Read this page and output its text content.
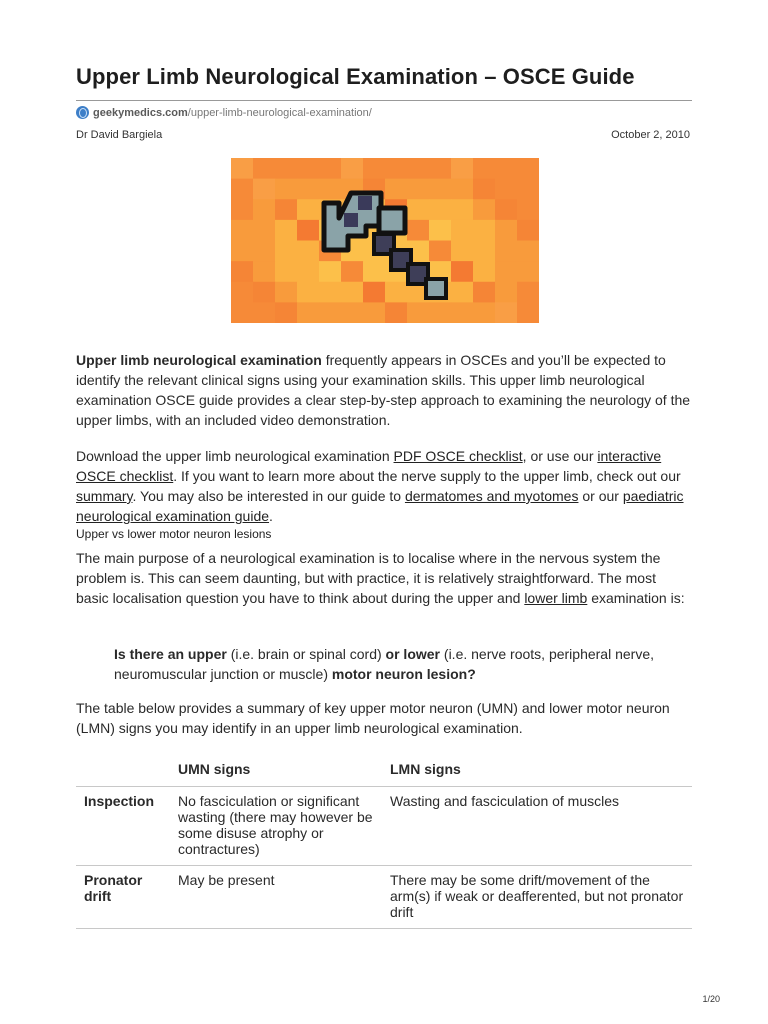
Upper Limb Neurological Examination – OSCE Guide
geekymedics.com /upper-limb-neurological-examination/
Dr David Bargiela	October 2, 2010

Upper limb neurological examination frequently appears in OSCEs and you’ll be expected to identify the relevant clinical signs using your examination skills. This upper limb neurological examination OSCE guide provides a clear step-by-step approach to examining the neurology of the upper limbs, with an included video demonstration.

Download the upper limb neurological examination PDF OSCE checklist, or use our interactive OSCE checklist. If you want to learn more about the nerve supply to the upper limb, check out our summary. You may also be interested in our guide to dermatomes and myotomes or our paediatric neurological examination guide.

Upper vs lower motor neuron lesions

The main purpose of a neurological examination is to localise where in the nervous system the problem is. This can seem daunting, but with practice, it is relatively straightforward. The most basic localisation question you have to think about during the upper and lower limb examination is:

Is there an upper (i.e. brain or spinal cord) or lower (i.e. nerve roots, peripheral nerve, neuromuscular junction or muscle) motor neuron lesion?

The table below provides a summary of key upper motor neuron (UMN) and lower motor neuron (LMN) signs you may identify in an upper limb neurological examination.

	UMN signs	LMN signs
Inspection	No fasciculation or significant wasting (there may however be some disuse atrophy or contractures)	Wasting and fasciculation of muscles
Pronator drift	May be present	There may be some drift/movement of the arm(s) if weak or deafferented, but not pronator drift
1/20
